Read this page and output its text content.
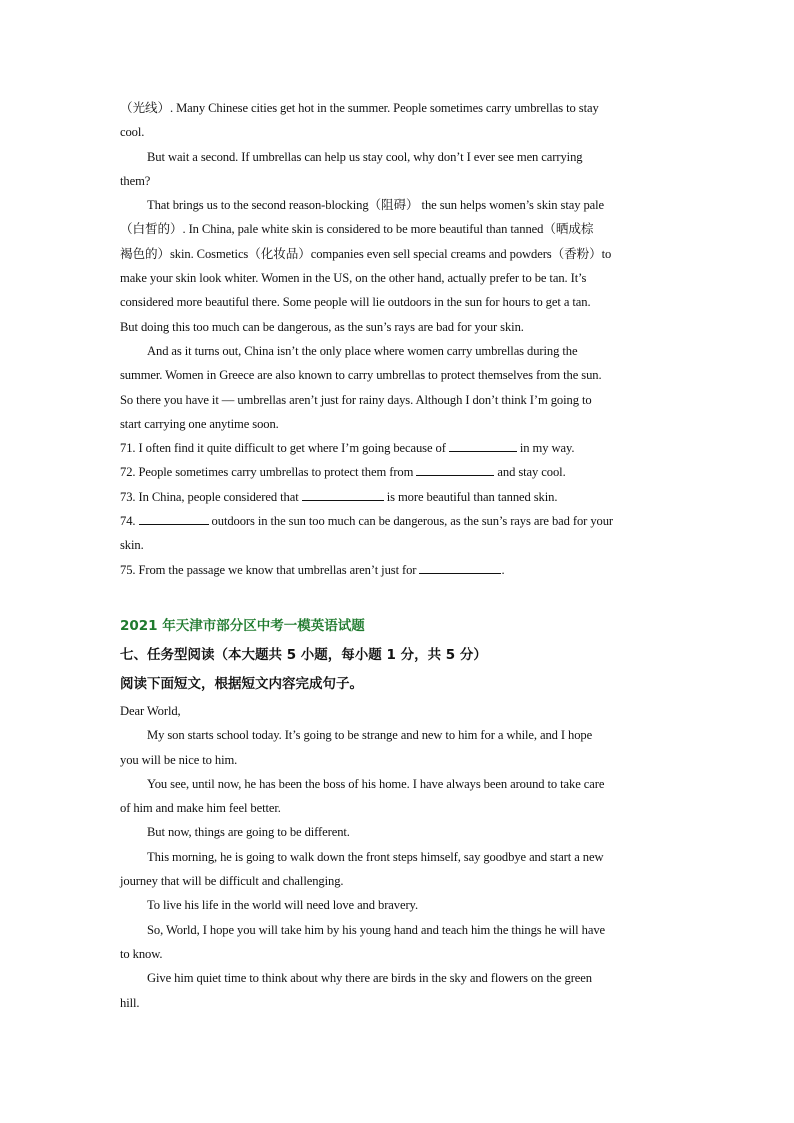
（光线）. Many Chinese cities get hot in the summer. People sometimes carry umbrellas to stay
cool.
But wait a second. If umbrellas can help us stay cool, why don’t I ever see men carrying
them?
That brings us to the second reason-blocking（阻碍） the sun helps women’s skin stay pale
（白皙的）. In China, pale white skin is considered to be more beautiful than tanned（晒成棕
褐色的）skin. Cosmetics（化妆品）companies even sell special creams and powders（香粉）to
make your skin look whiter. Women in the US, on the other hand, actually prefer to be tan. It’s
considered more beautiful there. Some people will lie outdoors in the sun for hours to get a tan.
But doing this too much can be dangerous, as the sun’s rays are bad for your skin.
And as it turns out, China isn’t the only place where women carry umbrellas during the
summer. Women in Greece are also known to carry umbrellas to protect themselves from the sun.
So there you have it — umbrellas aren’t just for rainy days. Although I don’t think I’m going to
start carrying one anytime soon.
71. I often find it quite difficult to get where I’m going because of	in my way.
72. People sometimes carry umbrellas to protect them from	and stay cool.
73. In China, people considered that	is more beautiful than tanned skin.
74.	outdoors in the sun too much can be dangerous, as the sun’s rays are bad for your
skin.
75. From the passage we know that umbrellas aren’t just for	.
2021 年天津市部分区中考一模英语试题
七、任务型阅读（本大题共 5 小题，每小题 1 分，共 5 分）
阅读下面短文，根据短文内容完成句子。
Dear World,
My son starts school today. It’s going to be strange and new to him for a while, and I hope
you will be nice to him.
You see, until now, he has been the boss of his home. I have always been around to take care
of him and make him feel better.
But now, things are going to be different.
This morning, he is going to walk down the front steps himself, say goodbye and start a new
journey that will be difficult and challenging.
To live his life in the world will need love and bravery.
So, World, I hope you will take him by his young hand and teach him the things he will have
to know.
Give him quiet time to think about why there are birds in the sky and flowers on the green
hill.
